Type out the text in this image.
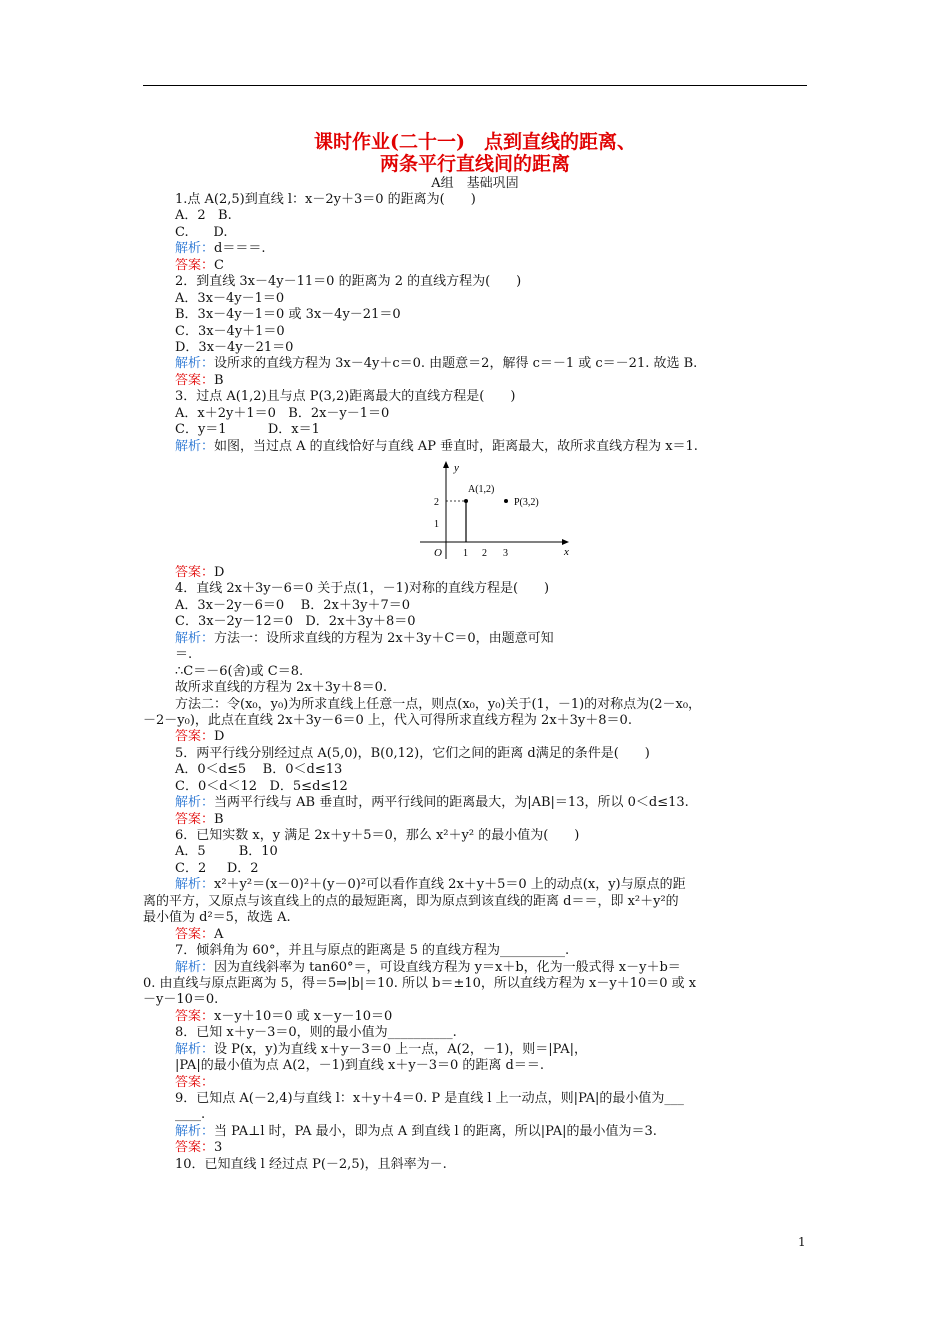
课时作业(二十一)　点到直线的距离、
两条平行直线间的距离
A组　基础巩固
1.点 A(2,5)到直线 l：x－2y＋3＝0 的距离为(　　)
A．2   B.
C.      D.
解析：d＝＝＝.
答案：C
2．到直线 3x－4y－11＝0 的距离为 2 的直线方程为(　　)
A．3x－4y－1＝0
B．3x－4y－1＝0 或 3x－4y－21＝0
C．3x－4y＋1＝0
D．3x－4y－21＝0
解析：设所求的直线方程为 3x－4y＋c＝0. 由题意＝2，解得 c＝－1 或 c＝－21. 故选 B.
答案：B
3．过点 A(1,2)且与点 P(3,2)距离最大的直线方程是(　　)
A．x＋2y＋1＝0   B．2x－y－1＝0
C．y＝1          D．x＝1
解析：如图，当过点 A 的直线恰好与直线 AP 垂直时，距离最大，故所求直线方程为 x＝1.
y
x
O
A(1,2)
P(3,2)
2
1
1 2 3
答案：D
4．直线 2x＋3y－6＝0 关于点(1，－1)对称的直线方程是(　　)
A．3x－2y－6＝0    B．2x＋3y＋7＝0
C．3x－2y－12＝0   D．2x＋3y＋8＝0
解析：方法一：设所求直线的方程为 2x＋3y＋C＝0，由题意可知
＝.
∴C＝－6(舍)或 C＝8.
故所求直线的方程为 2x＋3y＋8＝0.
方法二：令(x₀，y₀)为所求直线上任意一点，则点(x₀，y₀)关于(1，－1)的对称点为(2－x₀，
－2－y₀)，此点在直线 2x＋3y－6＝0 上，代入可得所求直线方程为 2x＋3y＋8＝0.
答案：D
5．两平行线分别经过点 A(5,0)，B(0,12)，它们之间的距离 d满足的条件是(　　)
A．0＜d≤5    B．0＜d≤13
C．0＜d＜12   D．5≤d≤12
解析：当两平行线与 AB 垂直时，两平行线间的距离最大，为|AB|＝13，所以 0＜d≤13.
答案：B
6．已知实数 x，y 满足 2x＋y＋5＝0，那么 x²＋y² 的最小值为(　　)
A．5        B．10
C．2     D．2
解析：x²＋y²＝(x－0)²＋(y－0)²可以看作直线 2x＋y＋5＝0 上的动点(x，y)与原点的距
离的平方，又原点与该直线上的点的最短距离，即为原点到该直线的距离 d＝＝，即 x²＋y²的
最小值为 d²＝5，故选 A.
答案：A
7．倾斜角为 60°，并且与原点的距离是 5 的直线方程为__________.
解析：因为直线斜率为 tan60°＝，可设直线方程为 y＝x＋b，化为一般式得 x－y＋b＝
0. 由直线与原点距离为 5，得＝5⇒|b|＝10. 所以 b＝±10，所以直线方程为 x－y＋10＝0 或 x
－y－10＝0.
答案：x－y＋10＝0 或 x－y－10＝0
8．已知 x＋y－3＝0，则的最小值为__________.
解析：设 P(x，y)为直线 x＋y－3＝0 上一点，A(2，－1)，则＝|PA|，
|PA|的最小值为点 A(2，－1)到直线 x＋y－3＝0 的距离 d＝＝.
答案：
9．已知点 A(－2,4)与直线 l：x＋y＋4＝0. P 是直线 l 上一动点，则|PA|的最小值为___
____.
解析：当 PA⊥l 时，PA 最小，即为点 A 到直线 l 的距离，所以|PA|的最小值为＝3.
答案：3
10．已知直线 l 经过点 P(－2,5)，且斜率为－.
1
